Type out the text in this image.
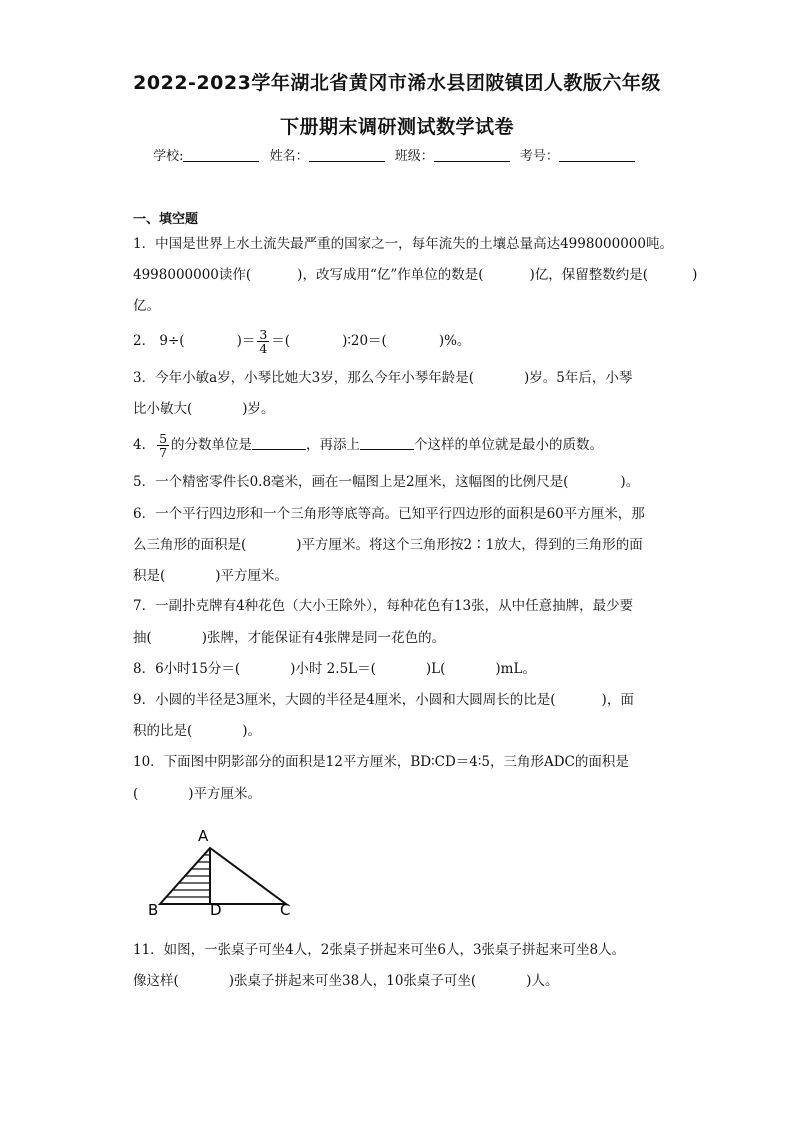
2022-2023学年湖北省黄冈市浠水县团陂镇团人教版六年级
下册期末调研测试数学试卷
学校:	姓名：	班级：	考号：
一、填空题
1．中国是世界上水土流失最严重的国家之一，每年流失的土壤总量高达4998000000吨。
4998000000读作(	)，改写成用“亿”作单位的数是(	)亿，保留整数约是(	)
亿。
2． 9÷(	)＝ $\frac{3}{4}$ ＝(	)∶20＝(	)%。
3．今年小敏a岁，小琴比她大3岁，那么今年小琴年龄是(	)岁。5年后，小琴
比小敏大(	)岁。
4． $\frac{5}{7}$ 的分数单位是	，再添上	个这样的单位就是最小的质数。
5．一个精密零件长0.8毫米，画在一幅图上是2厘米，这幅图的比例尺是(	)。
6．一个平行四边形和一个三角形等底等高。已知平行四边形的面积是60平方厘米，那
么三角形的面积是(	)平方厘米。将这个三角形按2∶1放大，得到的三角形的面
积是(	)平方厘米。
7．一副扑克牌有4种花色（大小王除外），每种花色有13张，从中任意抽牌，最少要
抽(	)张牌，才能保证有4张牌是同一花色的。
8．6小时15分＝(	)小时 2.5L＝(	)L(	)mL。
9．小圆的半径是3厘米，大圆的半径是4厘米，小圆和大圆周长的比是(	)，面
积的比是(	)。
10．下面图中阴影部分的面积是12平方厘米，BD∶CD＝4∶5，三角形ADC的面积是
(	)平方厘米。
A
B	D	C
11．如图，一张桌子可坐4人，2张桌子拼起来可坐6人，3张桌子拼起来可坐8人。
像这样(	)张桌子拼起来可坐38人，10张桌子可坐(	)人。
